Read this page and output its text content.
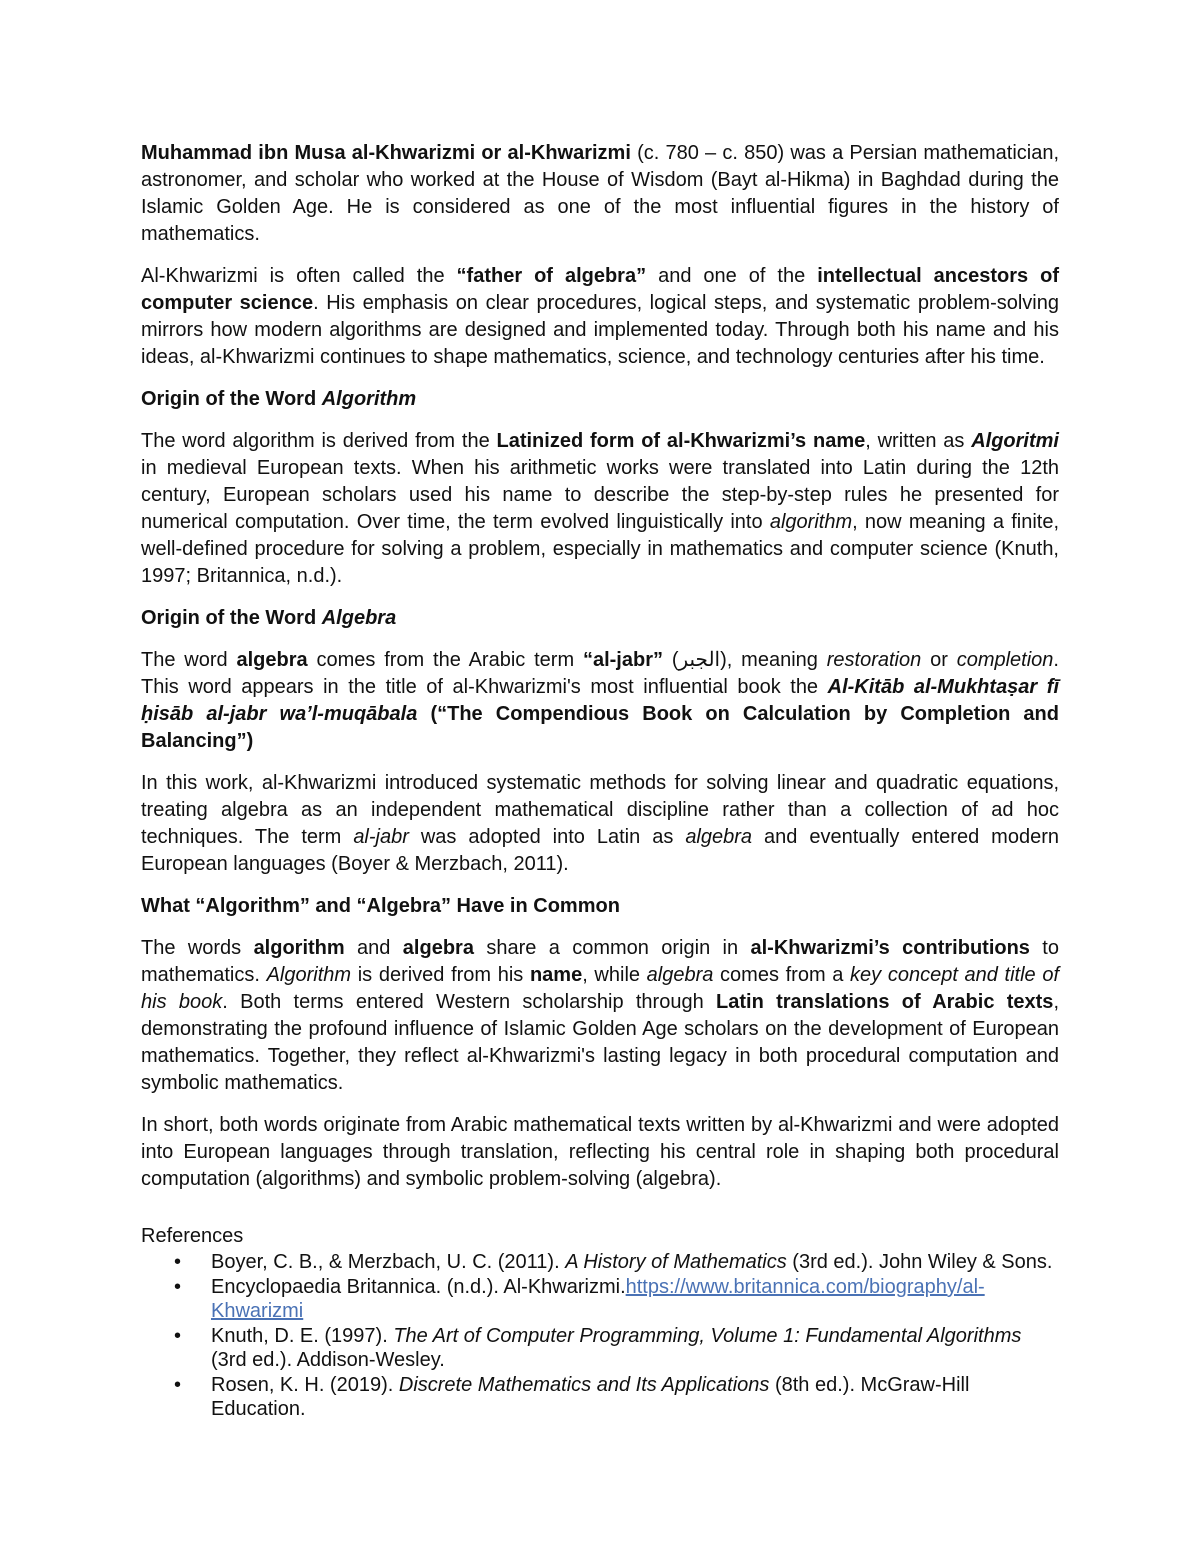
Muhammad ibn Musa al-Khwarizmi or al-Khwarizmi (c. 780 – c. 850) was a Persian mathematician, astronomer, and scholar who worked at the House of Wisdom (Bayt al-Hikma) in Baghdad during the Islamic Golden Age. He is considered as one of the most influential figures in the history of mathematics.

Al-Khwarizmi is often called the “father of algebra” and one of the intellectual ancestors of computer science. His emphasis on clear procedures, logical steps, and systematic problem-solving mirrors how modern algorithms are designed and implemented today. Through both his name and his ideas, al-Khwarizmi continues to shape mathematics, science, and technology centuries after his time.

Origin of the Word Algorithm

The word algorithm is derived from the Latinized form of al-Khwarizmi’s name, written as Algoritmi in medieval European texts. When his arithmetic works were translated into Latin during the 12th century, European scholars used his name to describe the step-by-step rules he presented for numerical computation. Over time, the term evolved linguistically into algorithm, now meaning a finite, well-defined procedure for solving a problem, especially in mathematics and computer science (Knuth, 1997; Britannica, n.d.).

Origin of the Word Algebra

The word algebra comes from the Arabic term “al-jabr” (الجبر), meaning restoration or completion. This word appears in the title of al-Khwarizmi's most influential book the Al-Kitāb al-Mukhtaṣar fī ḥisāb al-jabr wa’l-muqābala (“The Compendious Book on Calculation by Completion and Balancing”)

In this work, al-Khwarizmi introduced systematic methods for solving linear and quadratic equations, treating algebra as an independent mathematical discipline rather than a collection of ad hoc techniques. The term al-jabr was adopted into Latin as algebra and eventually entered modern European languages (Boyer & Merzbach, 2011).

What “Algorithm” and “Algebra” Have in Common

The words algorithm and algebra share a common origin in al-Khwarizmi’s contributions to mathematics. Algorithm is derived from his name, while algebra comes from a key concept and title of his book. Both terms entered Western scholarship through Latin translations of Arabic texts, demonstrating the profound influence of Islamic Golden Age scholars on the development of European mathematics. Together, they reflect al-Khwarizmi's lasting legacy in both procedural computation and symbolic mathematics.

In short, both words originate from Arabic mathematical texts written by al-Khwarizmi and were adopted into European languages through translation, reflecting his central role in shaping both procedural computation (algorithms) and symbolic problem-solving (algebra).

References
• Boyer, C. B., & Merzbach, U. C. (2011). A History of Mathematics (3rd ed.). John Wiley & Sons.
• Encyclopaedia Britannica. (n.d.). Al-Khwarizmi.https://www.britannica.com/biography/al-Khwarizmi
• Knuth, D. E. (1997). The Art of Computer Programming, Volume 1: Fundamental Algorithms (3rd ed.). Addison-Wesley.
• Rosen, K. H. (2019). Discrete Mathematics and Its Applications (8th ed.). McGraw-Hill Education.
